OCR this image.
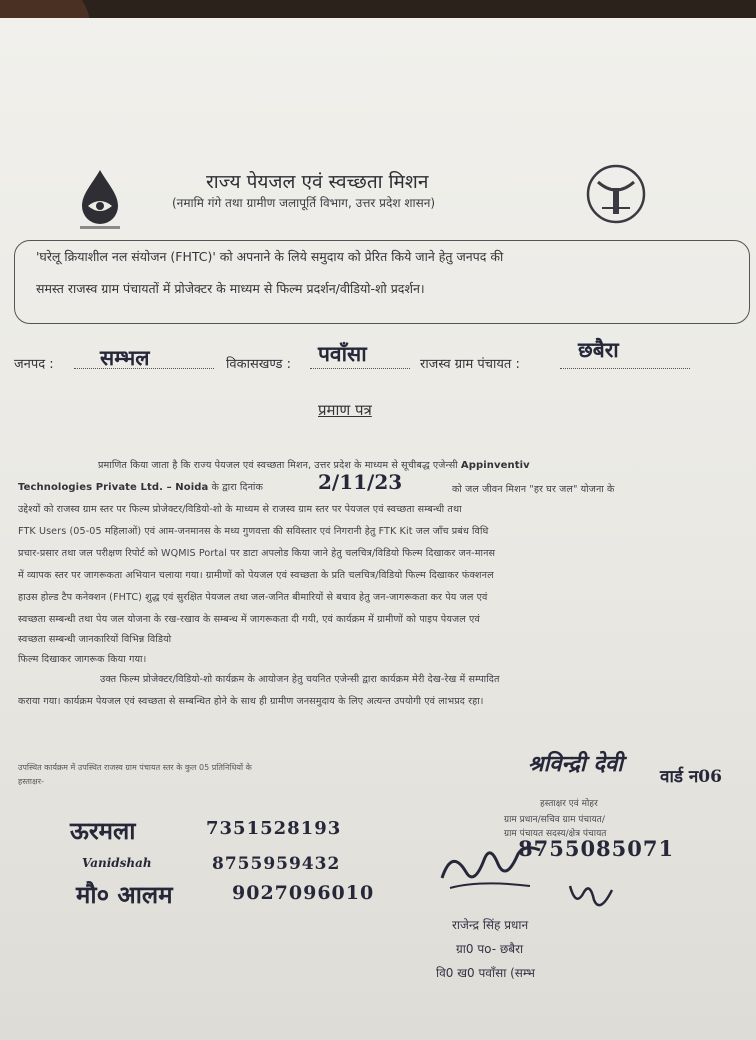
राज्य पेयजल एवं स्वच्छता मिशन
(नमामि गंगे तथा ग्रामीण जलापूर्ति विभाग, उत्तर प्रदेश शासन)
'घरेलू क्रियाशील नल संयोजन (FHTC)' को अपनाने के लिये समुदाय को प्रेरित किये जाने हेतु जनपद की
समस्त राजस्व ग्राम पंचायतों में प्रोजेक्टर के माध्यम से फिल्म प्रदर्शन/वीडियो-शो प्रदर्शन।
जनपद : सम्भल	विकासखण्ड : पवाँसा	राजस्व ग्राम पंचायत :
छबैरा
प्रमाण पत्र
प्रमाणित किया जाता है कि राज्य पेयजल एवं स्वच्छता मिशन, उत्तर प्रदेश के माध्यम से सूचीबद्ध एजेन्सी Appinventiv
Technologies Private Ltd. – Noida के द्वारा दिनांक	2/11/23	को जल जीवन मिशन "हर घर जल" योजना के
उद्देश्यों को राजस्व ग्राम स्तर पर फिल्म प्रोजेक्टर/विडियो-शो के माध्यम से राजस्व ग्राम स्तर पर पेयजल एवं स्वच्छता सम्बन्धी तथा
FTK Users (05-05 महिलाओं) एवं आम-जनमानस के मध्य गुणवत्ता की सविस्तार एवं निगरानी हेतु FTK Kit जल जाँच प्रबंध विधि
प्रचार-प्रसार तथा जल परीक्षण रिपोर्ट को WQMIS Portal पर डाटा अपलोड किया जाने हेतु चलचित्र/विडियो फिल्म दिखाकर जन-मानस
में व्यापक स्तर पर जागरूकता अभियान चलाया गया। ग्रामीणों को पेयजल एवं स्वच्छता के प्रति चलचित्र/विडियो फिल्म दिखाकर फंक्शनल
हाउस होल्ड टैप कनेक्शन (FHTC) शुद्ध एवं सुरक्षित पेयजल तथा जल-जनित बीमारियों से बचाव हेतु जन-जागरूकता कर पेय जल एवं
स्वच्छता सम्बन्धी तथा पेय जल योजना के रख-रखाव के सम्बन्ध में जागरूकता दी गयी, एवं कार्यक्रम में ग्रामीणों को पाइप पेयजल एवं
स्वच्छता सम्बन्धी जानकारियों विभिन्न विडियो
फिल्म दिखाकर जागरूक किया गया।
उक्त फिल्म प्रोजेक्टर/विडियो-शो कार्यक्रम के आयोजन हेतु चयनित एजेन्सी द्वारा कार्यक्रम मेरी देख-रेख में सम्पादित
कराया गया। कार्यक्रम पेयजल एवं स्वच्छता से सम्बन्धित होने के साथ ही ग्रामीण जनसमुदाय के लिए अत्यन्त उपयोगी एवं लाभप्रद रहा।
उपस्थित कार्यक्रम में उपस्थित राजस्व ग्राम पंचायत स्तर के कुल 05 प्रतिनिधियों के
हस्ताक्षर-
श्रविन्द्री देवी वार्ड न06
हस्ताक्षर एवं मोहर
ग्राम प्रधान/सचिव ग्राम पंचायत/
ग्राम पंचायत सदस्य/क्षेत्र पंचायत
ऊरमला	7351528193
Vanidshah	8755959432
मौ० आलम	9027096010
8755085071
राजेन्द्र सिंह प्रधान
ग्रा0 पo- छबैरा
वि0 ख0 पवाँसा (सम्भ
